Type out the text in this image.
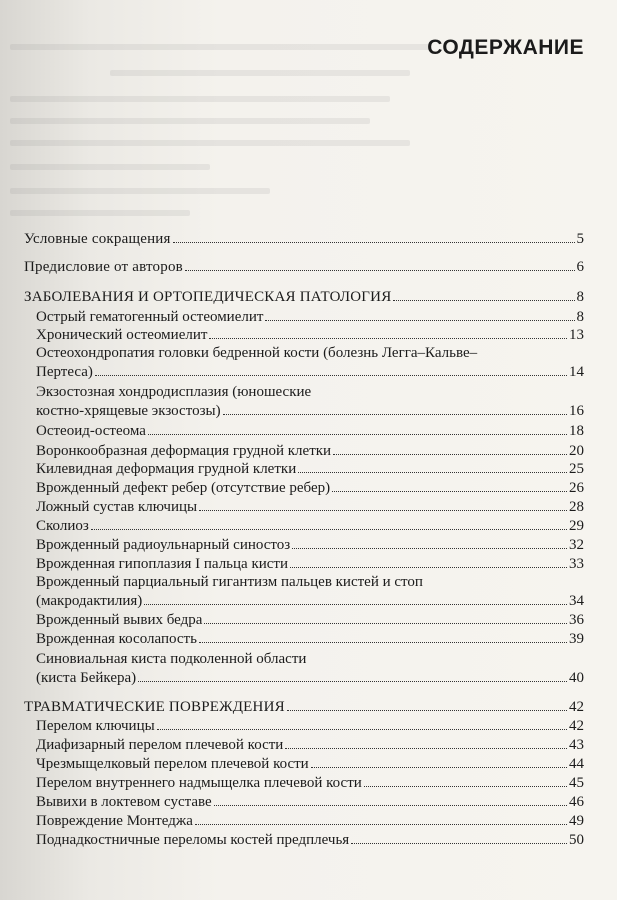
СОДЕРЖАНИЕ
Условные сокращения	5
Предисловие от авторов	6
ЗАБОЛЕВАНИЯ И ОРТОПЕДИЧЕСКАЯ ПАТОЛОГИЯ	8
Острый гематогенный остеомиелит	8
Хронический остеомиелит	13
Остеохондропатия головки бедренной кости (болезнь Легга–Кальве–
Пертеса)	14
Экзостозная хондродисплазия (юношеские
костно-хрящевые экзостозы)	16
Остеоид-остеома	18
Воронкообразная деформация грудной клетки	20
Килевидная деформация грудной клетки	25
Врожденный дефект ребер (отсутствие ребер)	26
Ложный сустав ключицы	28
Сколиоз	29
Врожденный радиоульнарный синостоз	32
Врожденная гипоплазия I пальца кисти	33
Врожденный парциальный гигантизм пальцев кистей и стоп
(макродактилия)	34
Врожденный вывих бедра	36
Врожденная косолапость	39
Синовиальная киста подколенной области
(киста Бейкера)	40
ТРАВМАТИЧЕСКИЕ ПОВРЕЖДЕНИЯ	42
Перелом ключицы	42
Диафизарный перелом плечевой кости	43
Чрезмыщелковый перелом плечевой кости	44
Перелом внутреннего надмыщелка плечевой кости	45
Вывихи в локтевом суставе	46
Повреждение Монтеджа	49
Поднадкостничные переломы костей предплечья	50
